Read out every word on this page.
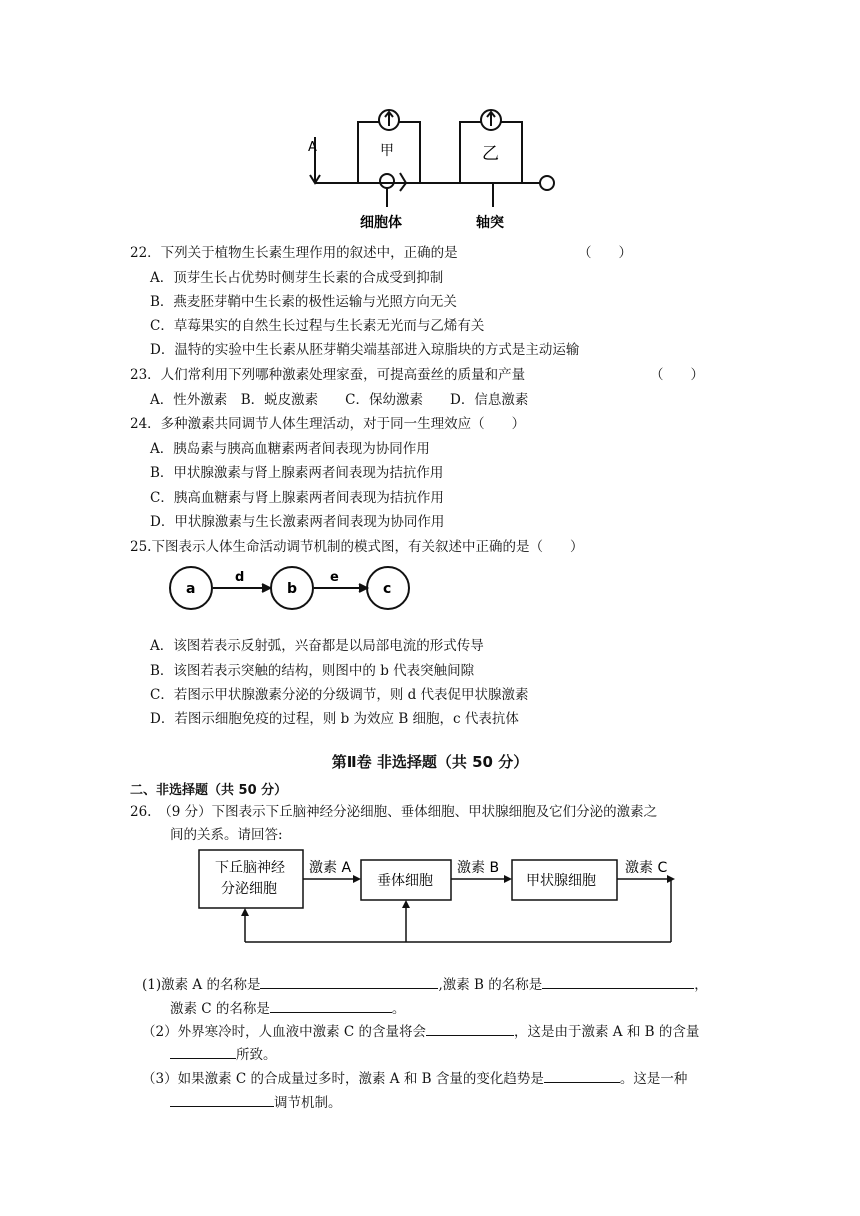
A	甲	乙
细胞体	轴突
22．下列关于植物生长素生理作用的叙述中，正确的是	（　　）
A．顶芽生长占优势时侧芽生长素的合成受到抑制
B．燕麦胚芽鞘中生长素的极性运输与光照方向无关
C．草莓果实的自然生长过程与生长素无光而与乙烯有关
D．温特的实验中生长素从胚芽鞘尖端基部进入琼脂块的方式是主动运输
23．人们常利用下列哪种激素处理家蚕，可提高蚕丝的质量和产量	（　　）
A．性外激素　B．蜕皮激素　　C．保幼激素　　D．信息激素
24．多种激素共同调节人体生理活动，对于同一生理效应（　　）
A．胰岛素与胰高血糖素两者间表现为协同作用
B．甲状腺激素与肾上腺素两者间表现为拮抗作用
C．胰高血糖素与肾上腺素两者间表现为拮抗作用
D．甲状腺激素与生长激素两者间表现为协同作用
25.下图表示人体生命活动调节机制的模式图，有关叙述中正确的是（　　）
a	b	c
d	e
A．该图若表示反射弧，兴奋都是以局部电流的形式传导
B．该图若表示突触的结构，则图中的 b 代表突触间隙
C．若图示甲状腺激素分泌的分级调节，则 d 代表促甲状腺激素
D．若图示细胞免疫的过程，则 b 为效应 B 细胞，c 代表抗体
第Ⅱ卷 非选择题（共 50 分）
二、非选择题（共 50 分）
26.　（9 分）下图表示下丘脑神经分泌细胞、垂体细胞、甲状腺细胞及它们分泌的激素之
间的关系。请回答:
下丘脑神经
分泌细胞	垂体细胞	甲状腺细胞
激素 A	激素 B	激素 C
(1)激素 A 的名称是	,激素 B 的名称是	，
激素 C 的名称是	。
（2）外界寒冷时，人血液中激素 C 的含量将会	，这是由于激素 A 和 B 的含量
所致。
（3）如果激素 C 的合成量过多时，激素 A 和 B 含量的变化趋势是	。这是一种
调节机制。
